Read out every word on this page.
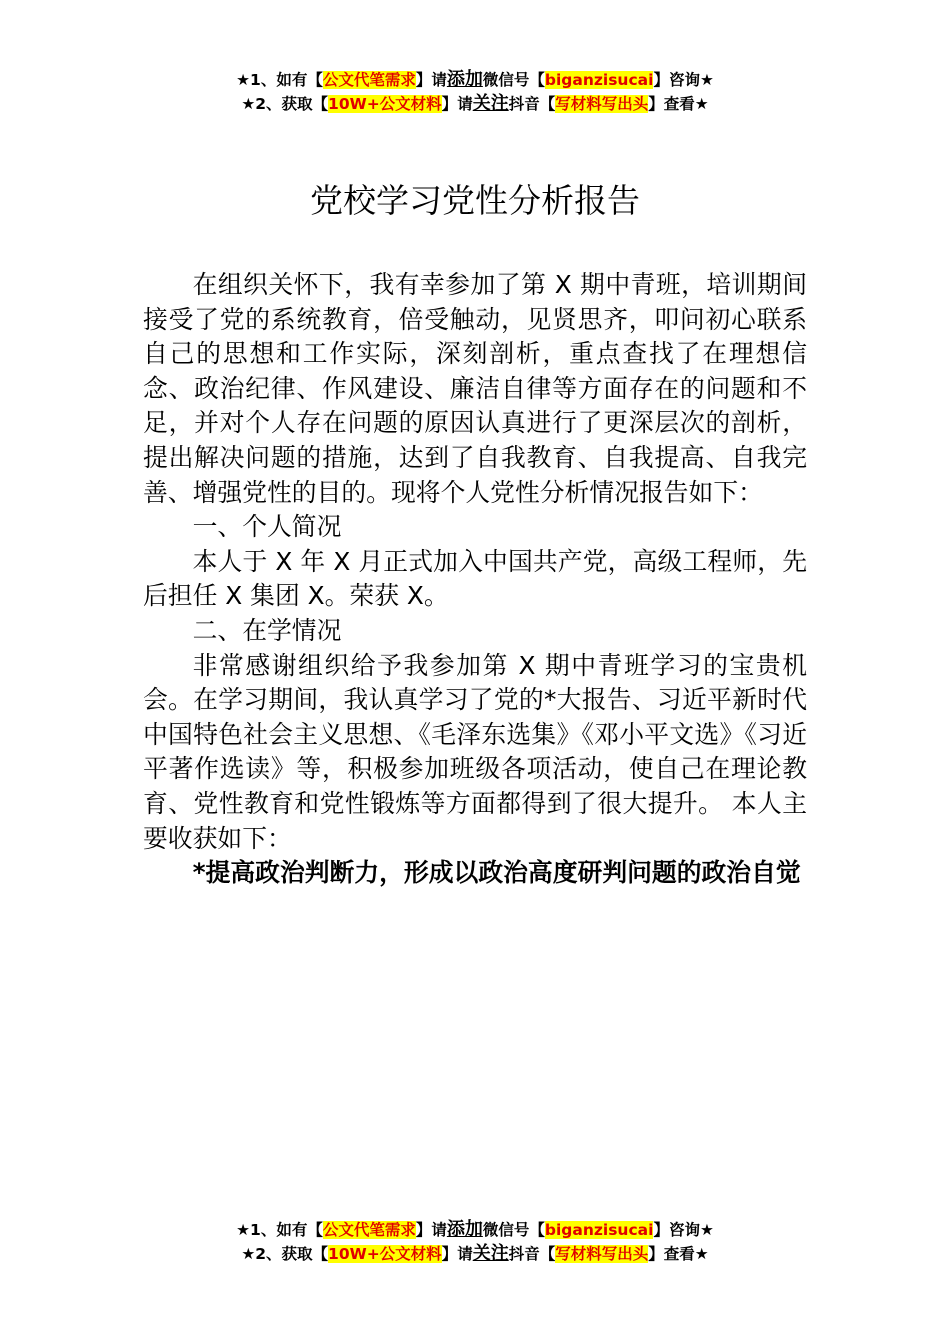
★1、如有【公文代笔需求】请添加微信号【biganzisucai】咨询★
★2、获取【10W+公文材料】请关注抖音【写材料写出头】查看★
党校学习党性分析报告

在组织关怀下，我有幸参加了第 X 期中青班，培训期间接受了党的系统教育，倍受触动，见贤思齐，叩问初心联系自己的思想和工作实际，深刻剖析，重点查找了在理想信念、政治纪律、作风建设、廉洁自律等方面存在的问题和不足，并对个人存在问题的原因认真进行了更深层次的剖析，提出解决问题的措施，达到了自我教育、自我提高、自我完善、增强党性的目的。现将个人党性分析情况报告如下：

一、个人简况

本人于 X 年 X 月正式加入中国共产党，高级工程师，先后担任 X 集团 X。荣获 X。

二、在学情况

非常感谢组织给予我参加第 X 期中青班学习的宝贵机会。在学习期间，我认真学习了党的*大报告、习近平新时代中国特色社会主义思想、《毛泽东选集》《邓小平文选》《习近平著作选读》等，积极参加班级各项活动，使自己在理论教育、党性教育和党性锻炼等方面都得到了很大提升。 本人主要收获如下：

*提高政治判断力，形成以政治高度研判问题的政治自觉

★1、如有【公文代笔需求】请添加微信号【biganzisucai】咨询★
★2、获取【10W+公文材料】请关注抖音【写材料写出头】查看★
